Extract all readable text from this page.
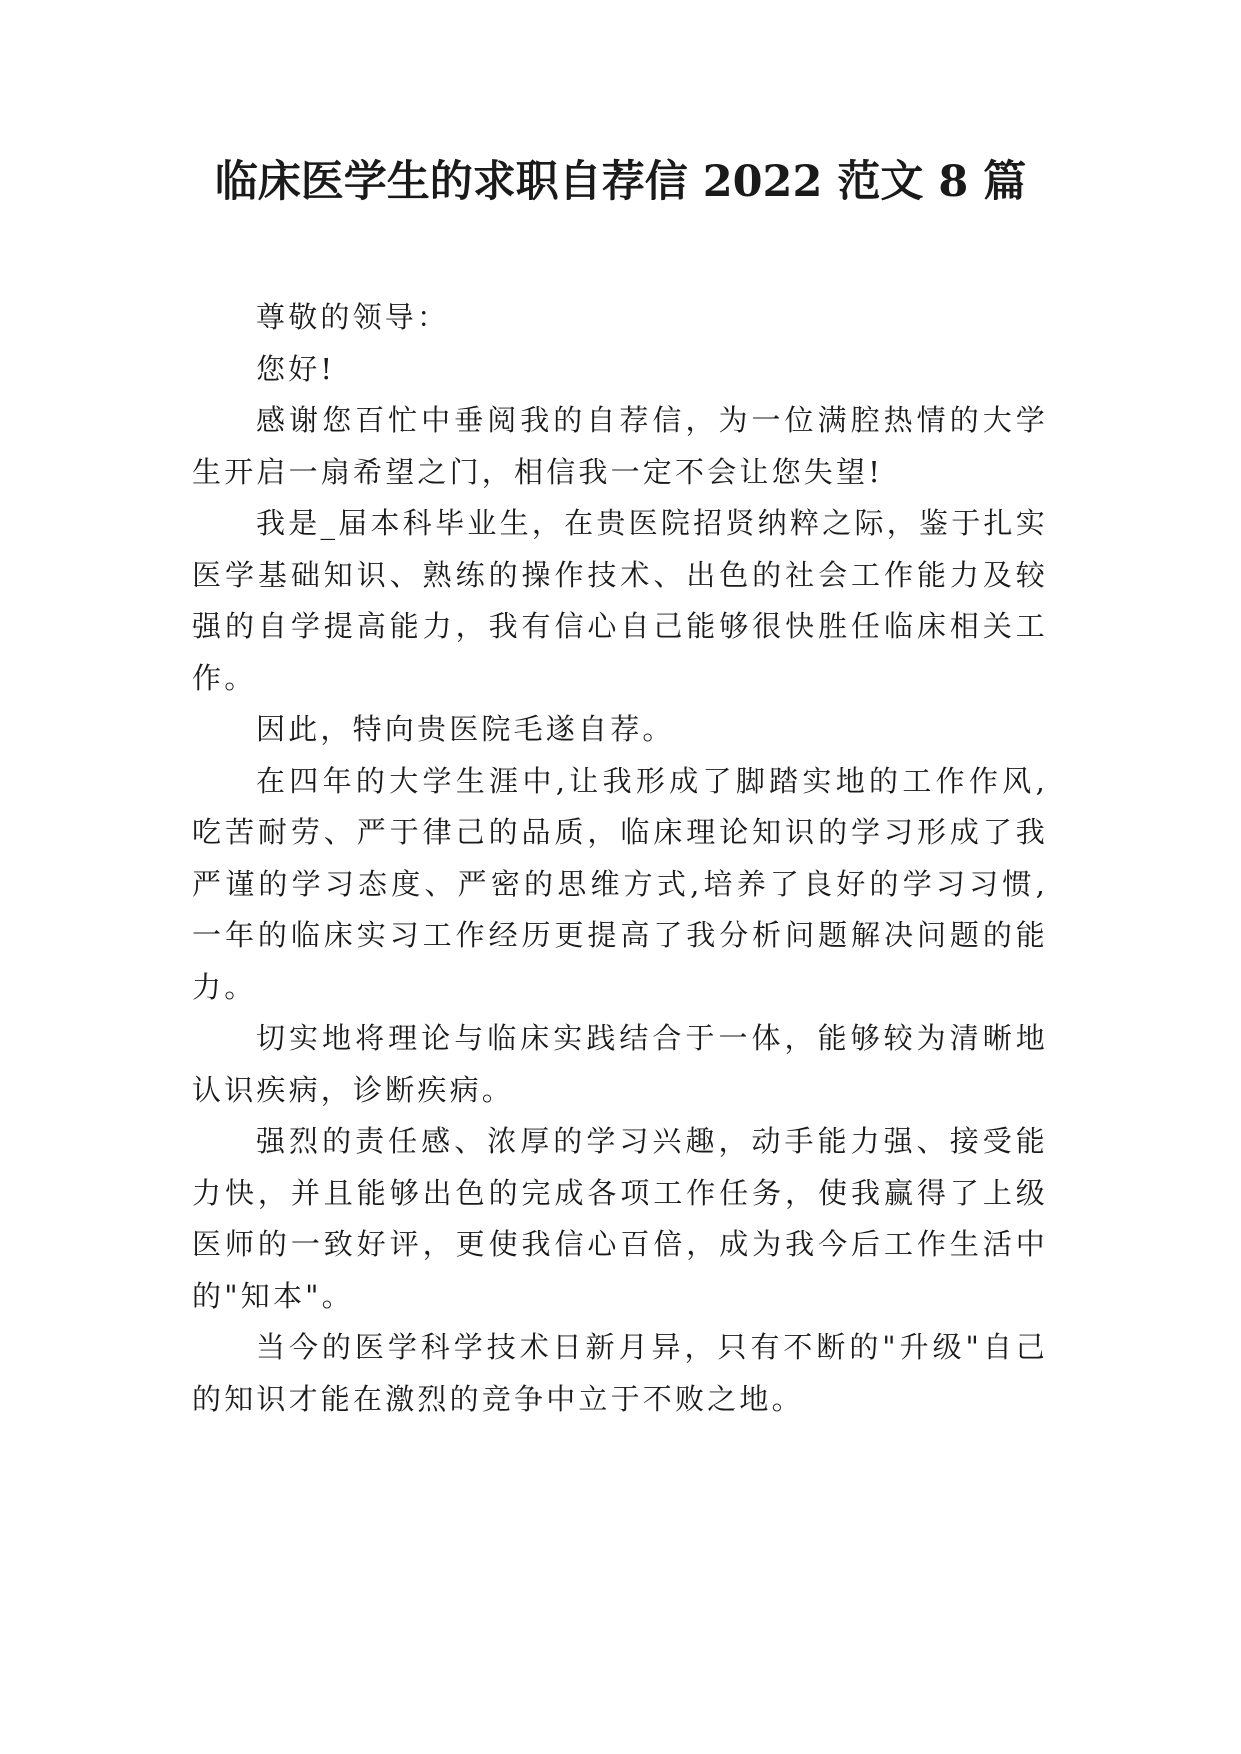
临床医学生的求职自荐信 2022 范文 8 篇

尊敬的领导：

您好!

感谢您百忙中垂阅我的自荐信，为一位满腔热情的大学生开启一扇希望之门，相信我一定不会让您失望!

我是_届本科毕业生，在贵医院招贤纳粹之际，鉴于扎实医学基础知识、熟练的操作技术、出色的社会工作能力及较强的自学提高能力，我有信心自己能够很快胜任临床相关工作。

因此，特向贵医院毛遂自荐。

在四年的大学生涯中,让我形成了脚踏实地的工作作风,吃苦耐劳、严于律己的品质，临床理论知识的学习形成了我严谨的学习态度、严密的思维方式,培养了良好的学习习惯,一年的临床实习工作经历更提高了我分析问题解决问题的能力。

切实地将理论与临床实践结合于一体，能够较为清晰地认识疾病，诊断疾病。

强烈的责任感、浓厚的学习兴趣，动手能力强、接受能力快，并且能够出色的完成各项工作任务，使我赢得了上级医师的一致好评，更使我信心百倍，成为我今后工作生活中的"知本"。

当今的医学科学技术日新月异，只有不断的"升级"自己的知识才能在激烈的竞争中立于不败之地。
